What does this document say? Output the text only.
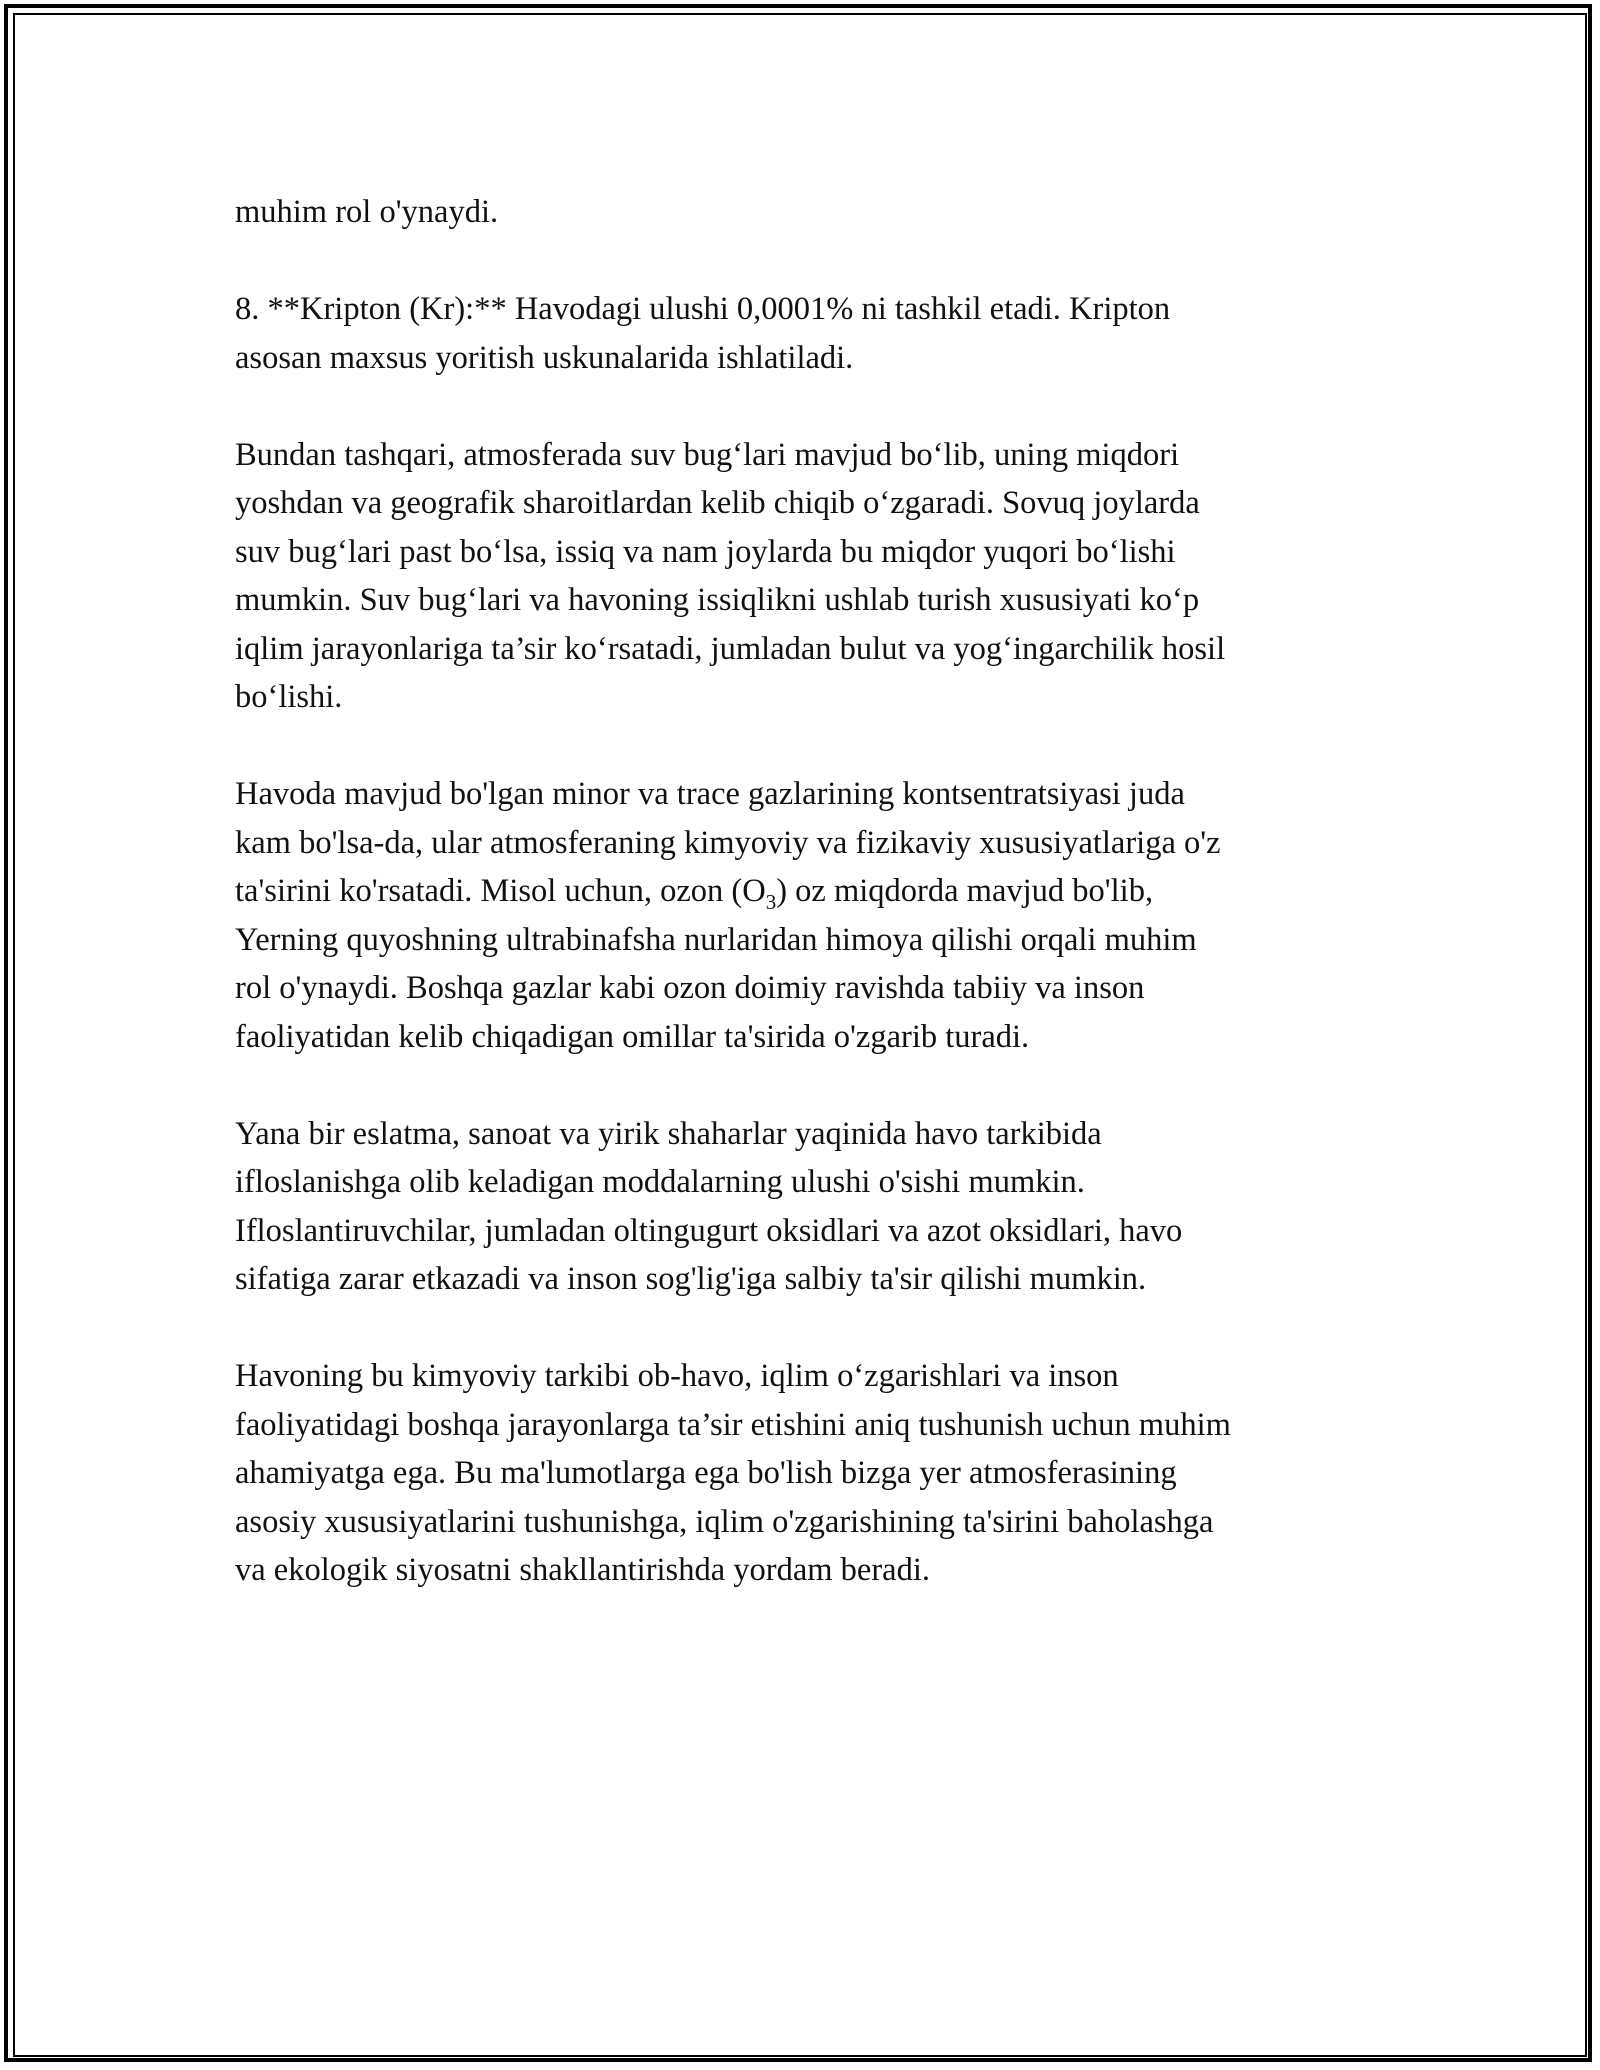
muhim rol o'ynaydi.

8. **Kripton (Kr):** Havodagi ulushi 0,0001% ni tashkil etadi. Kripton
asosan maxsus yoritish uskunalarida ishlatiladi.

Bundan tashqari, atmosferada suv bug‘lari mavjud bo‘lib, uning miqdori
yoshdan va geografik sharoitlardan kelib chiqib o‘zgaradi. Sovuq joylarda
suv bug‘lari past bo‘lsa, issiq va nam joylarda bu miqdor yuqori bo‘lishi
mumkin. Suv bug‘lari va havoning issiqlikni ushlab turish xususiyati ko‘p
iqlim jarayonlariga ta’sir ko‘rsatadi, jumladan bulut va yog‘ingarchilik hosil
bo‘lishi.

Havoda mavjud bo'lgan minor va trace gazlarining kontsentratsiyasi juda
kam bo'lsa-da, ular atmosferaning kimyoviy va fizikaviy xususiyatlariga o'z
ta'sirini ko'rsatadi. Misol uchun, ozon $(O_3)$ oz miqdorda mavjud bo'lib,
Yerning quyoshning ultrabinafsha nurlaridan himoya qilishi orqali muhim
rol o'ynaydi. Boshqa gazlar kabi ozon doimiy ravishda tabiiy va inson
faoliyatidan kelib chiqadigan omillar ta'sirida o'zgarib turadi.

Yana bir eslatma, sanoat va yirik shaharlar yaqinida havo tarkibida
ifloslanishga olib keladigan moddalarning ulushi o'sishi mumkin.
Ifloslantiruvchilar, jumladan oltingugurt oksidlari va azot oksidlari, havo
sifatiga zarar etkazadi va inson sog'lig'iga salbiy ta'sir qilishi mumkin.

Havoning bu kimyoviy tarkibi ob-havo, iqlim o‘zgarishlari va inson
faoliyatidagi boshqa jarayonlarga ta’sir etishini aniq tushunish uchun muhim
ahamiyatga ega. Bu ma'lumotlarga ega bo'lish bizga yer atmosferasining
asosiy xususiyatlarini tushunishga, iqlim o'zgarishining ta'sirini baholashga
va ekologik siyosatni shakllantirishda yordam beradi.
